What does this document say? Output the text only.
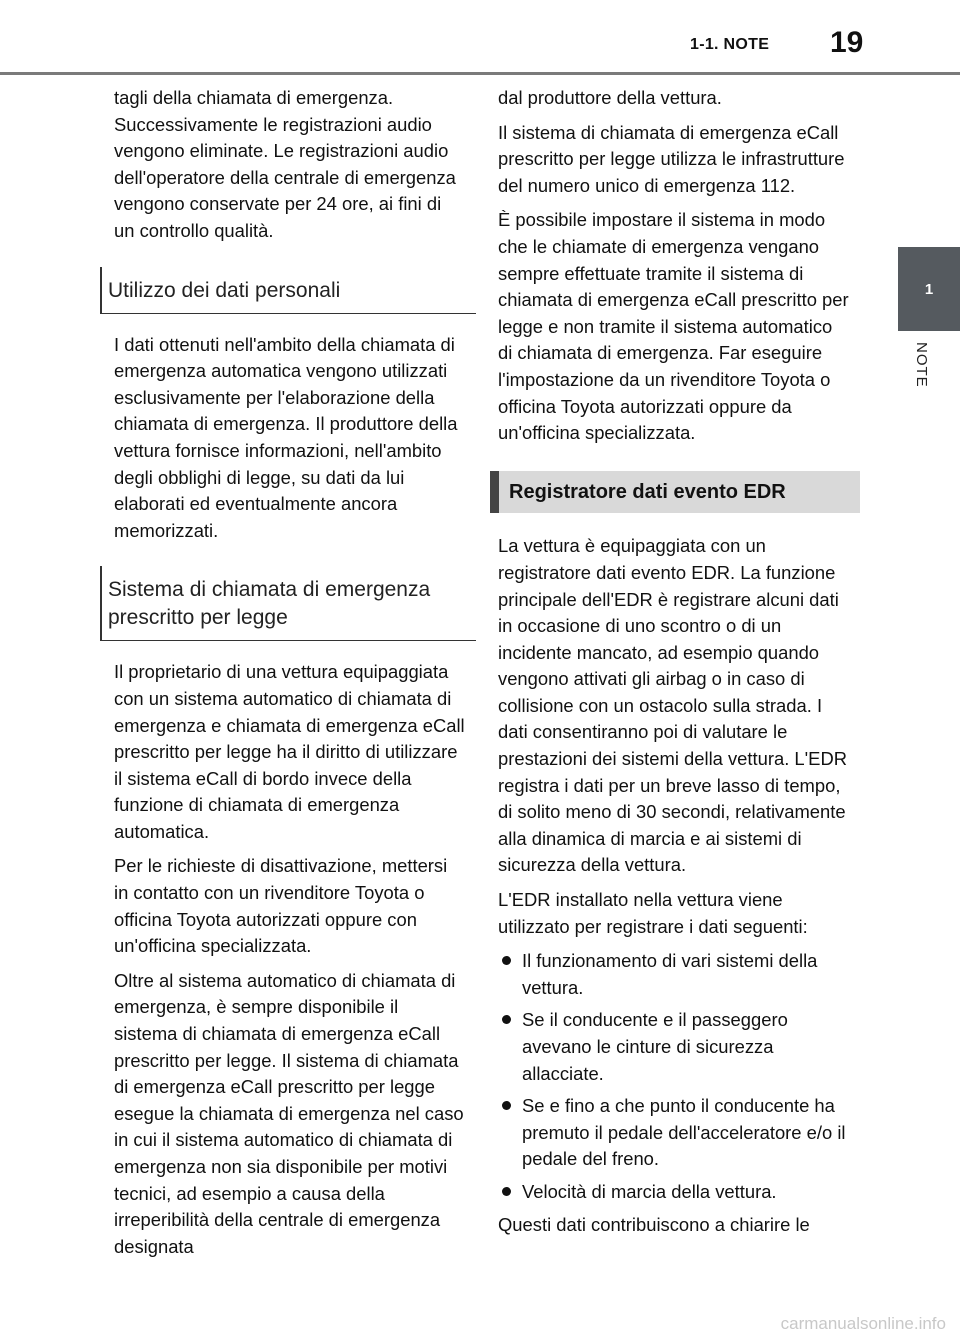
1-1. NOTE 19
1
NOTE

tagli della chiamata di emergenza. Successivamente le registrazioni audio vengono eliminate. Le registrazioni audio dell'operatore della centrale di emergenza vengono conservate per 24 ore, ai fini di un controllo qualità.

Utilizzo dei dati personali

I dati ottenuti nell'ambito della chiamata di emergenza automatica vengono utilizzati esclusivamente per l'elaborazione della chiamata di emergenza. Il produttore della vettura fornisce informazioni, nell'ambito degli obblighi di legge, su dati da lui elaborati ed eventualmente ancora memorizzati.

Sistema di chiamata di emergenza prescritto per legge

Il proprietario di una vettura equipaggiata con un sistema automatico di chiamata di emergenza e chiamata di emergenza eCall prescritto per legge ha il diritto di utilizzare il sistema eCall di bordo invece della funzione di chiamata di emergenza automatica.

Per le richieste di disattivazione, mettersi in contatto con un rivenditore Toyota o officina Toyota autorizzati oppure con un'officina specializzata.

Oltre al sistema automatico di chiamata di emergenza, è sempre disponibile il sistema di chiamata di emergenza eCall prescritto per legge. Il sistema di chiamata di emergenza eCall prescritto per legge esegue la chiamata di emergenza nel caso in cui il sistema automatico di chiamata di emergenza non sia disponibile per motivi tecnici, ad esempio a causa della irreperibilità della centrale di emergenza designata

dal produttore della vettura.

Il sistema di chiamata di emergenza eCall prescritto per legge utilizza le infrastrutture del numero unico di emergenza 112.

È possibile impostare il sistema in modo che le chiamate di emergenza vengano sempre effettuate tramite il sistema di chiamata di emergenza eCall prescritto per legge e non tramite il sistema automatico di chiamata di emergenza. Far eseguire l'impostazione da un rivenditore Toyota o officina Toyota autorizzati oppure da un'officina specializzata.

Registratore dati evento EDR

La vettura è equipaggiata con un registratore dati evento EDR. La funzione principale dell'EDR è registrare alcuni dati in occasione di uno scontro o di un incidente mancato, ad esempio quando vengono attivati gli airbag o in caso di collisione con un ostacolo sulla strada. I dati consentiranno poi di valutare le prestazioni dei sistemi della vettura. L'EDR registra i dati per un breve lasso di tempo, di solito meno di 30 secondi, relativamente alla dinamica di marcia e ai sistemi di sicurezza della vettura.

L'EDR installato nella vettura viene utilizzato per registrare i dati seguenti:

Il funzionamento di vari sistemi della vettura.
Se il conducente e il passeggero avevano le cinture di sicurezza allacciate.
Se e fino a che punto il conducente ha premuto il pedale dell'acceleratore e/o il pedale del freno.
Velocità di marcia della vettura.

Questi dati contribuiscono a chiarire le

carmanualsonline.info
